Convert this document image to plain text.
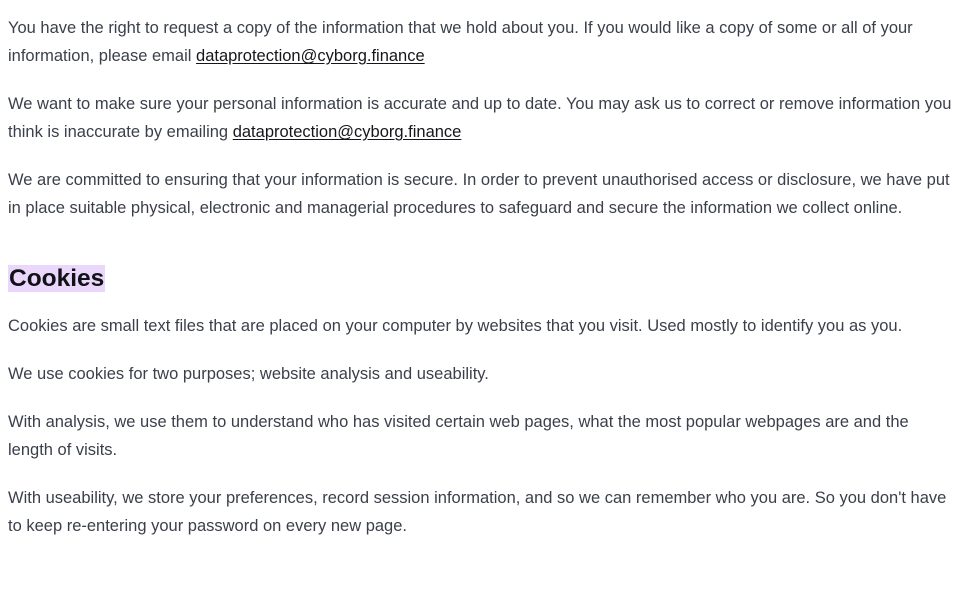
You have the right to request a copy of the information that we hold about you. If you would like a copy of some or all of your information, please email dataprotection@cyborg.finance

We want to make sure your personal information is accurate and up to date. You may ask us to correct or remove information you think is inaccurate by emailing dataprotection@cyborg.finance

We are committed to ensuring that your information is secure. In order to prevent unauthorised access or disclosure, we have put in place suitable physical, electronic and managerial procedures to safeguard and secure the information we collect online.

Cookies

Cookies are small text files that are placed on your computer by websites that you visit. Used mostly to identify you as you.

We use cookies for two purposes; website analysis and useability.

With analysis, we use them to understand who has visited certain web pages, what the most popular webpages are and the length of visits.

With useability, we store your preferences, record session information, and so we can remember who you are. So you don't have to keep re-entering your password on every new page.
